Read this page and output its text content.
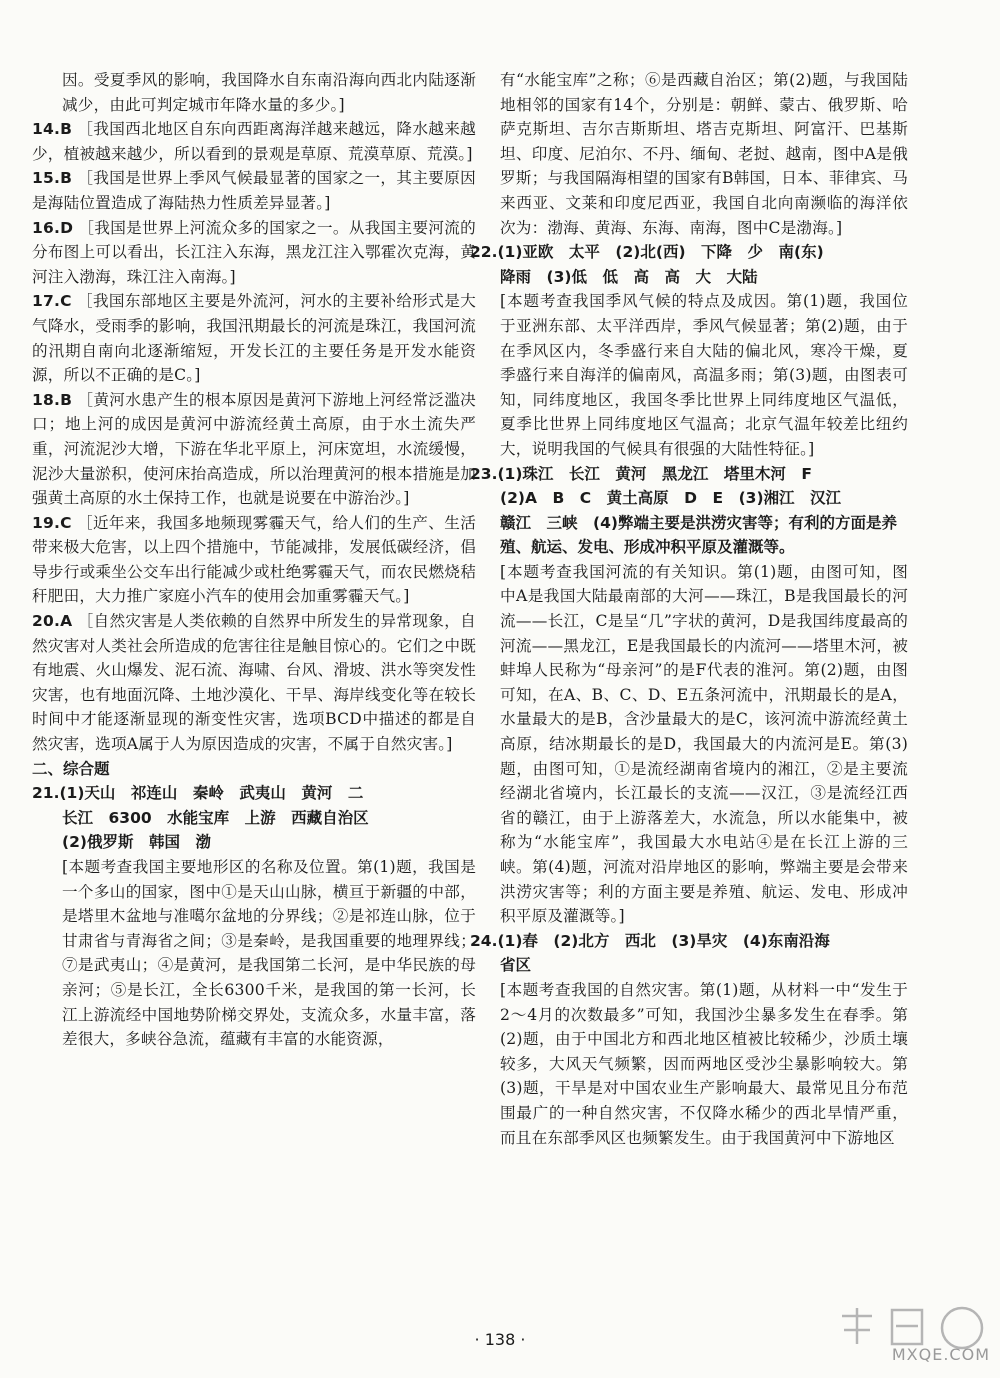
因。受夏季风的影响，我国降水自东南沿海向西北内陆逐渐减少，由此可判定城市年降水量的多少。]

14.B ［我国西北地区自东向西距离海洋越来越远，降水越来越少，植被越来越少，所以看到的景观是草原、荒漠草原、荒漠。]

15.B ［我国是世界上季风气候最显著的国家之一，其主要原因是海陆位置造成了海陆热力性质差异显著。]

16.D ［我国是世界上河流众多的国家之一。从我国主要河流的分布图上可以看出，长江注入东海，黑龙江注入鄂霍次克海，黄河注入渤海，珠江注入南海。]

17.C ［我国东部地区主要是外流河，河水的主要补给形式是大气降水，受雨季的影响，我国汛期最长的河流是珠江，我国河流的汛期自南向北逐渐缩短，开发长江的主要任务是开发水能资源，所以不正确的是C。]

18.B ［黄河水患产生的根本原因是黄河下游地上河经常泛滥决口；地上河的成因是黄河中游流经黄土高原，由于水土流失严重，河流泥沙大增，下游在华北平原上，河床宽坦，水流缓慢，泥沙大量淤积，使河床抬高造成，所以治理黄河的根本措施是加强黄土高原的水土保持工作，也就是说要在中游治沙。]

19.C ［近年来，我国多地频现雾霾天气，给人们的生产、生活带来极大危害，以上四个措施中，节能减排，发展低碳经济，倡导步行或乘坐公交车出行能减少或杜绝雾霾天气，而农民燃烧秸秆肥田，大力推广家庭小汽车的使用会加重雾霾天气。]

20.A ［自然灾害是人类依赖的自然界中所发生的异常现象，自然灾害对人类社会所造成的危害往往是触目惊心的。它们之中既有地震、火山爆发、泥石流、海啸、台风、滑坡、洪水等突发性灾害，也有地面沉降、土地沙漠化、干旱、海岸线变化等在较长时间中才能逐渐显现的渐变性灾害，选项BCD中描述的都是自然灾害，选项A属于人为原因造成的灾害，不属于自然灾害。]

二、综合题

21.(1)天山　祁连山　秦岭　武夷山　黄河　二

长江　6300　水能宝库　上游　西藏自治区

(2)俄罗斯　韩国　渤

[本题考查我国主要地形区的名称及位置。第(1)题，我国是一个多山的国家，图中①是天山山脉，横亘于新疆的中部，是塔里木盆地与准噶尔盆地的分界线；②是祁连山脉，位于甘肃省与青海省之间；③是秦岭，是我国重要的地理界线；⑦是武夷山；④是黄河，是我国第二长河，是中华民族的母亲河；⑤是长江，全长6300千米，是我国的第一长河，长江上游流经中国地势阶梯交界处，支流众多，水量丰富，落差很大，多峡谷急流，蕴藏有丰富的水能资源，

有“水能宝库”之称；⑥是西藏自治区；第(2)题，与我国陆地相邻的国家有14个，分别是：朝鲜、蒙古、俄罗斯、哈萨克斯坦、吉尔吉斯斯坦、塔吉克斯坦、阿富汗、巴基斯坦、印度、尼泊尔、不丹、缅甸、老挝、越南，图中A是俄罗斯；与我国隔海相望的国家有B韩国，日本、菲律宾、马来西亚、文莱和印度尼西亚，我国自北向南濒临的海洋依次为：渤海、黄海、东海、南海，图中C是渤海。]

22.(1)亚欧　太平　(2)北(西)　下降　少　南(东)

降雨　(3)低　低　高　高　大　大陆

[本题考查我国季风气候的特点及成因。第(1)题，我国位于亚洲东部、太平洋西岸，季风气候显著；第(2)题，由于在季风区内，冬季盛行来自大陆的偏北风，寒冷干燥，夏季盛行来自海洋的偏南风，高温多雨；第(3)题，由图表可知，同纬度地区，我国冬季比世界上同纬度地区气温低，夏季比世界上同纬度地区气温高；北京气温年较差比纽约大，说明我国的气候具有很强的大陆性特征。]

23.(1)珠江　长江　黄河　黑龙江　塔里木河　F

(2)A　B　C　黄土高原　D　E　(3)湘江　汉江

赣江　三峡　(4)弊端主要是洪涝灾害等；有利的方面是养殖、航运、发电、形成冲积平原及灌溉等。

[本题考查我国河流的有关知识。第(1)题，由图可知，图中A是我国大陆最南部的大河——珠江，B是我国最长的河流——长江，C是呈“几”字状的黄河，D是我国纬度最高的河流——黑龙江，E是我国最长的内流河——塔里木河，被蚌埠人民称为“母亲河”的是F代表的淮河。第(2)题，由图可知，在A、B、C、D、E五条河流中，汛期最长的是A，水量最大的是B，含沙量最大的是C，该河流中游流经黄土高原，结冰期最长的是D，我国最大的内流河是E。第(3)题，由图可知，①是流经湖南省境内的湘江，②是主要流经湖北省境内，长江最长的支流——汉江，③是流经江西省的赣江，由于上游落差大，水流急，所以水能集中，被称为“水能宝库”，我国最大水电站④是在长江上游的三峡。第(4)题，河流对沿岸地区的影响，弊端主要是会带来洪涝灾害等；利的方面主要是养殖、航运、发电、形成冲积平原及灌溉等。]

24.(1)春　(2)北方　西北　(3)旱灾　(4)东南沿海

省区

[本题考查我国的自然灾害。第(1)题，从材料一中“发生于2～4月的次数最多”可知，我国沙尘暴多发生在春季。第(2)题，由于中国北方和西北地区植被比较稀少，沙质土壤较多，大风天气频繁，因而两地区受沙尘暴影响较大。第(3)题，干旱是对中国农业生产影响最大、最常见且分布范围最广的一种自然灾害，不仅降水稀少的西北旱情严重，而且在东部季风区也频繁发生。由于我国黄河中下游地区

· 138 ·
MXQE.COM
